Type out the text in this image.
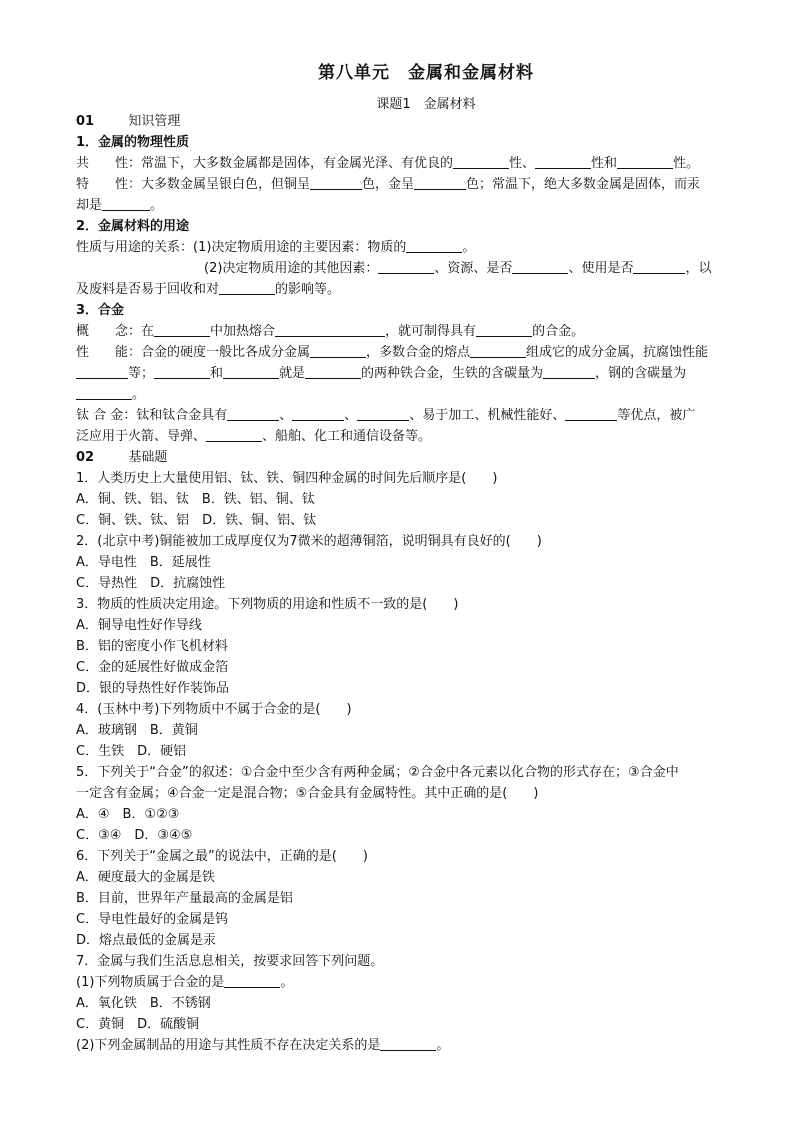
第八单元　金属和金属材料
课题1　金属材料
01	知识管理
1．金属的物理性质
共　　性：常温下，大多数金属都是固体，有金属光泽、有优良的	性、	性和	性。
特　　性：大多数金属呈银白色，但铜呈	色，金呈	色；常温下，绝大多数金属是固体，而汞
却是	。
2．金属材料的用途
性质与用途的关系：(1)决定物质用途的主要因素：物质的	。
(2)决定物质用途的其他因素：	、资源、是否	、使用是否	，以
及废料是否易于回收和对	的影响等。
3．合金
概　　念：在	中加热熔合	，就可制得具有	的合金。
性　　能：合金的硬度一般比各成分金属	，多数合金的熔点	组成它的成分金属，抗腐蚀性能
等；	和	就是	的两种铁合金，生铁的含碳量为	，钢的含碳量为
。
钛 合 金：钛和钛合金具有	、	、	、易于加工、机械性能好、	等优点，被广
泛应用于火箭、导弹、	、船舶、化工和通信设备等。
02	基础题
1．人类历史上大量使用铝、钛、铁、铜四种金属的时间先后顺序是(　　)
A．铜、铁、铝、钛　B．铁、铝、铜、钛
C．铜、铁、钛、铝　D．铁、铜、铝、钛
2．(北京中考)铜能被加工成厚度仅为7微米的超薄铜箔，说明铜具有良好的(　　)
A．导电性　B．延展性
C．导热性　D．抗腐蚀性
3．物质的性质决定用途。下列物质的用途和性质不一致的是(　　)
A．铜导电性好作导线
B．铝的密度小作飞机材料
C．金的延展性好做成金箔
D．银的导热性好作装饰品
4．(玉林中考)下列物质中不属于合金的是(　　)
A．玻璃钢　B．黄铜
C．生铁　D．硬铝
5．下列关于“合金”的叙述：①合金中至少含有两种金属；②合金中各元素以化合物的形式存在；③合金中
一定含有金属；④合金一定是混合物；⑤合金具有金属特性。其中正确的是(　　)
A．④　B．①②③
C．③④　D．③④⑤
6．下列关于“金属之最”的说法中，正确的是(　　)
A．硬度最大的金属是铁
B．目前，世界年产量最高的金属是铝
C．导电性最好的金属是钨
D．熔点最低的金属是汞
7．金属与我们生活息息相关，按要求回答下列问题。
(1)下列物质属于合金的是	。
A．氧化铁　B．不锈钢
C．黄铜　D．硫酸铜
(2)下列金属制品的用途与其性质不存在决定关系的是	。
